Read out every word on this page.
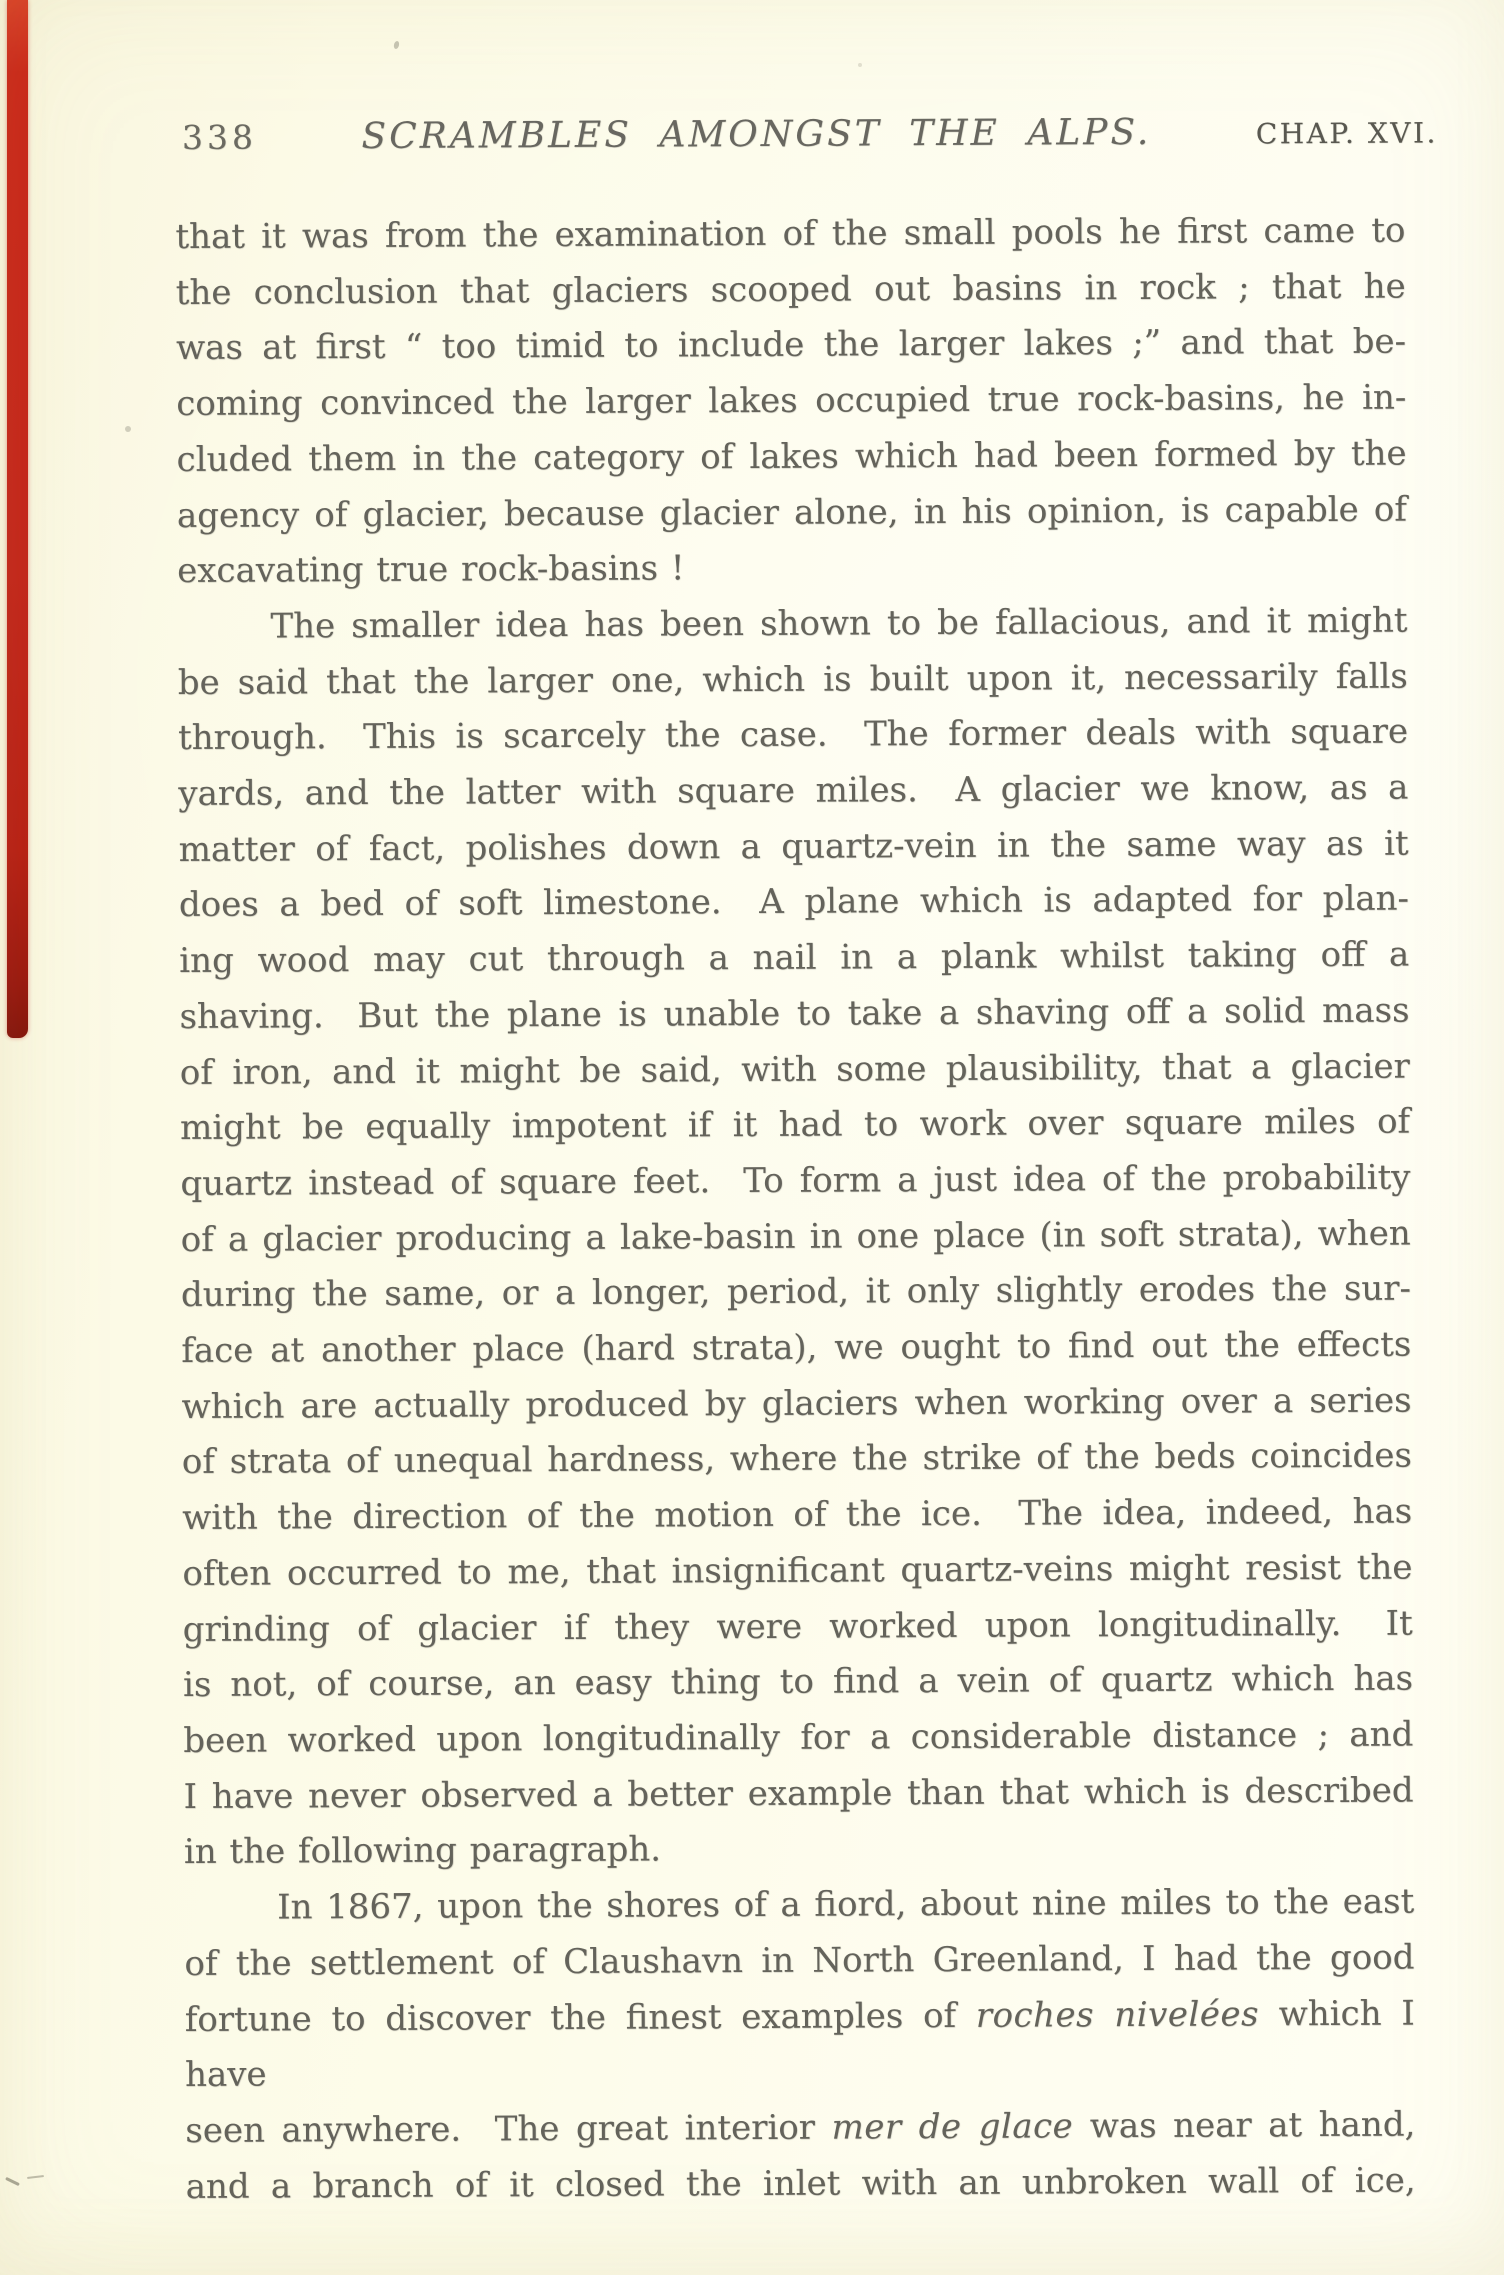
338	SCRAMBLES AMONGST THE ALPS.	CHAP. XVI.
that it was from the examination of the small pools he first came to
the conclusion that glaciers scooped out basins in rock ; that he
was at first “ too timid to include the larger lakes ;” and that be-
coming convinced the larger lakes occupied true rock-basins, he in-
cluded them in the category of lakes which had been formed by the
agency of glacier, because glacier alone, in his opinion, is capable of
excavating true rock-basins !
The smaller idea has been shown to be fallacious, and it might
be said that the larger one, which is built upon it, necessarily falls
through.  This is scarcely the case.  The former deals with square
yards, and the latter with square miles.  A glacier we know, as a
matter of fact, polishes down a quartz-vein in the same way as it
does a bed of soft limestone.  A plane which is adapted for plan-
ing wood may cut through a nail in a plank whilst taking off a
shaving.  But the plane is unable to take a shaving off a solid mass
of iron, and it might be said, with some plausibility, that a glacier
might be equally impotent if it had to work over square miles of
quartz instead of square feet.  To form a just idea of the probability
of a glacier producing a lake-basin in one place (in soft strata), when
during the same, or a longer, period, it only slightly erodes the sur-
face at another place (hard strata), we ought to find out the effects
which are actually produced by glaciers when working over a series
of strata of unequal hardness, where the strike of the beds coincides
with the direction of the motion of the ice.  The idea, indeed, has
often occurred to me, that insignificant quartz-veins might resist the
grinding of glacier if they were worked upon longitudinally.  It
is not, of course, an easy thing to find a vein of quartz which has
been worked upon longitudinally for a considerable distance ; and
I have never observed a better example than that which is described
in the following paragraph.
In 1867, upon the shores of a fiord, about nine miles to the east
of the settlement of Claushavn in North Greenland, I had the good
fortune to discover the finest examples of roches nivelées which I have
seen anywhere.  The great interior mer de glace was near at hand,
and a branch of it closed the inlet with an unbroken wall of ice,
